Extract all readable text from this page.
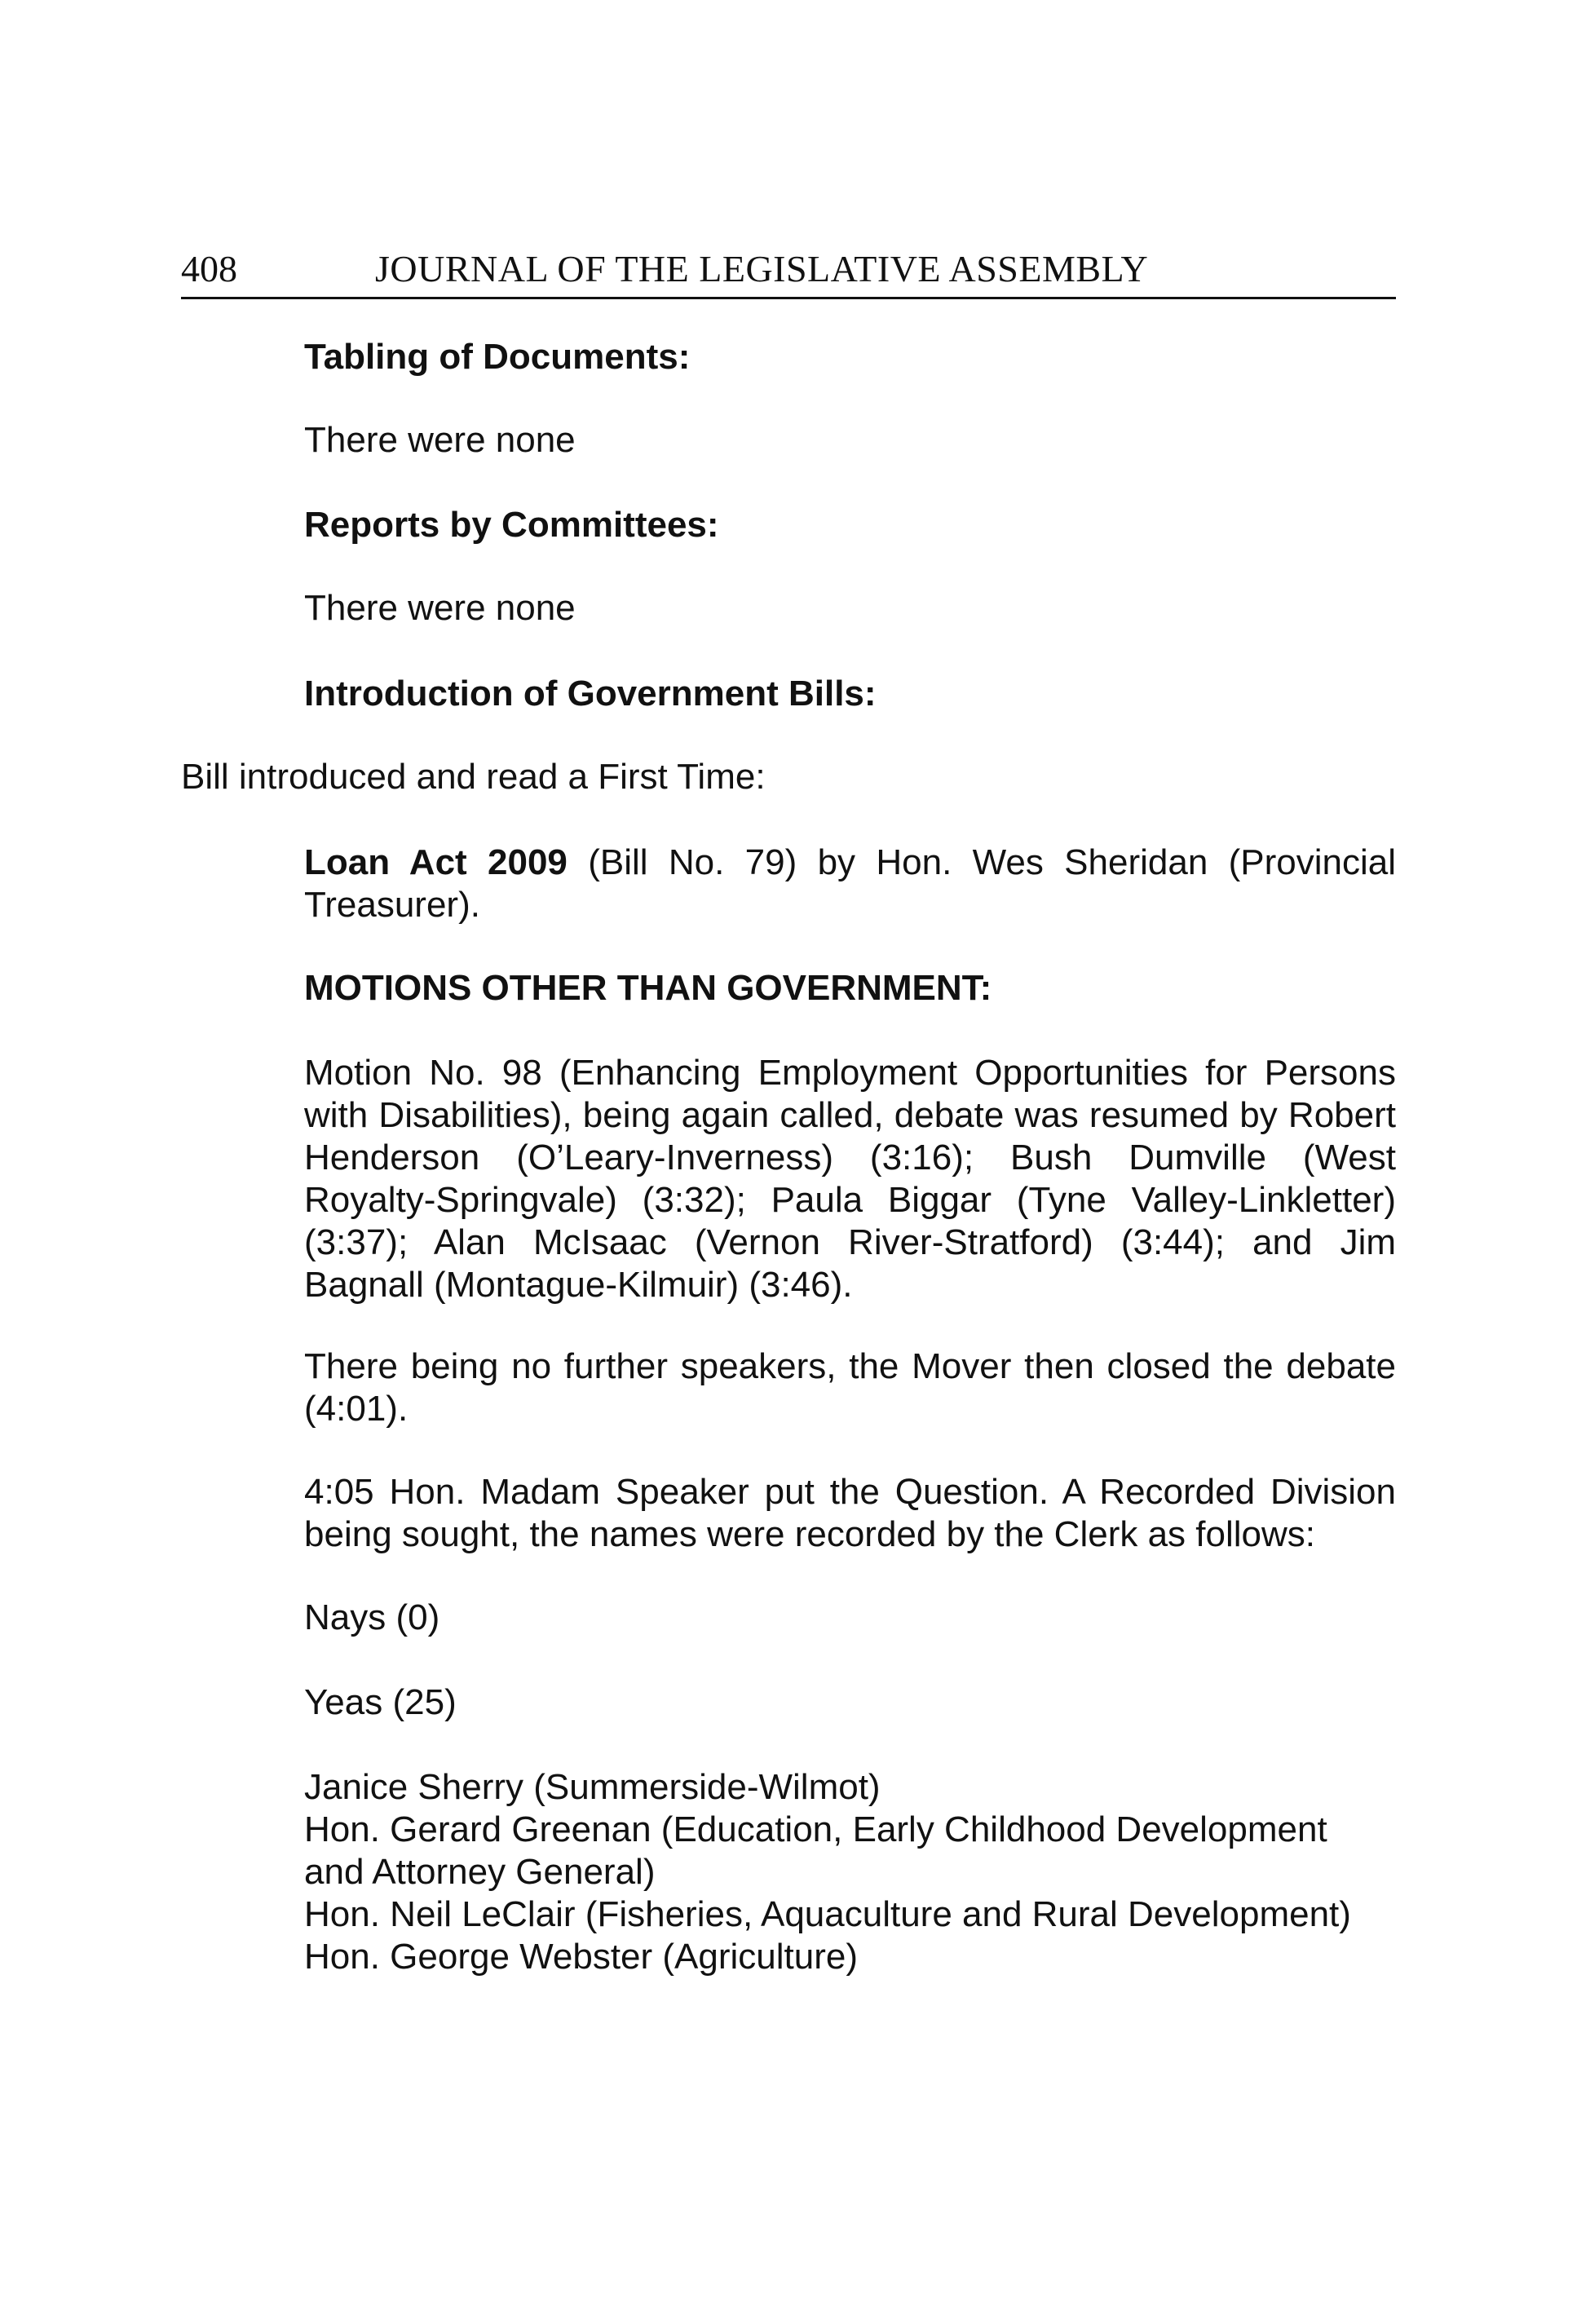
408	JOURNAL OF THE LEGISLATIVE ASSEMBLY
Tabling of Documents:
There were none
Reports by Committees:
There were none
Introduction of Government Bills:
Bill introduced and read a First Time:
Loan Act 2009 (Bill No. 79) by Hon. Wes Sheridan (Provincial Treasurer).
MOTIONS OTHER THAN GOVERNMENT:
Motion No. 98 (Enhancing Employment Opportunities for Persons with Disabilities), being again called, debate was resumed by Robert Henderson (O’Leary-Inverness) (3:16); Bush Dumville (West Royalty-Springvale) (3:32); Paula Biggar (Tyne Valley-Linkletter) (3:37); Alan McIsaac (Vernon River-Stratford) (3:44); and Jim Bagnall (Montague-Kilmuir) (3:46).
There being no further speakers, the Mover then closed the debate (4:01).
4:05 Hon. Madam Speaker put the Question. A Recorded Division being sought, the names were recorded by the Clerk as follows:
Nays (0)
Yeas (25)
Janice Sherry (Summerside-Wilmot)
Hon. Gerard Greenan (Education, Early Childhood Development and Attorney General)
Hon. Neil LeClair (Fisheries, Aquaculture and Rural Development)
Hon. George Webster (Agriculture)
